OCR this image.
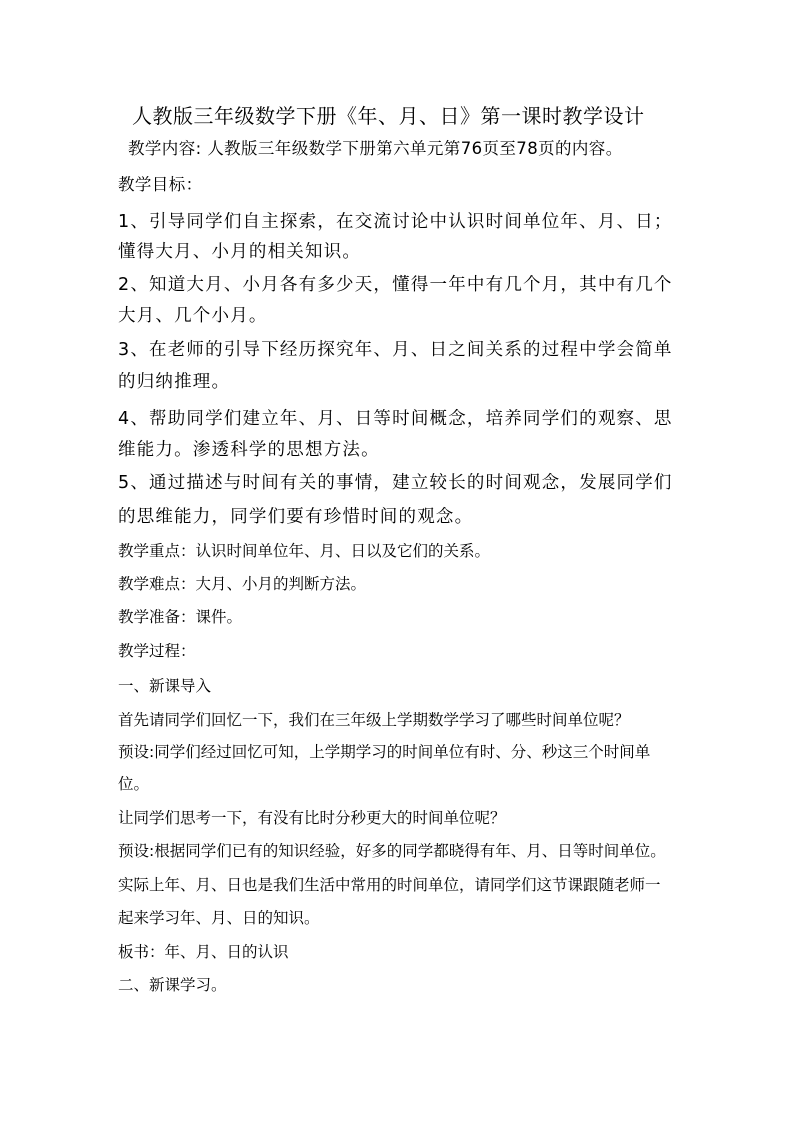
人教版三年级数学下册《年、月、日》第一课时教学设计
教学内容: 人教版三年级数学下册第六单元第76页至78页的内容。
教学目标：
1、引导同学们自主探索，在交流讨论中认识时间单位年、月、日；
懂得大月、小月的相关知识。
2、知道大月、小月各有多少天，懂得一年中有几个月，其中有几个
大月、几个小月。
3、在老师的引导下经历探究年、月、日之间关系的过程中学会简单
的归纳推理。
4、帮助同学们建立年、月、日等时间概念，培养同学们的观察、思
维能力。渗透科学的思想方法。
5、通过描述与时间有关的事情，建立较长的时间观念，发展同学们
的思维能力，同学们要有珍惜时间的观念。
教学重点：认识时间单位年、月、日以及它们的关系。
教学难点：大月、小月的判断方法。
教学准备：课件。
教学过程：
一、新课导入
首先请同学们回忆一下，我们在三年级上学期数学学习了哪些时间单位呢？
预设:同学们经过回忆可知，上学期学习的时间单位有时、分、秒这三个时间单
位。
让同学们思考一下，有没有比时分秒更大的时间单位呢？
预设:根据同学们已有的知识经验，好多的同学都晓得有年、月、日等时间单位。
实际上年、月、日也是我们生活中常用的时间单位，请同学们这节课跟随老师一
起来学习年、月、日的知识。
板书：年、月、日的认识
二、新课学习。
